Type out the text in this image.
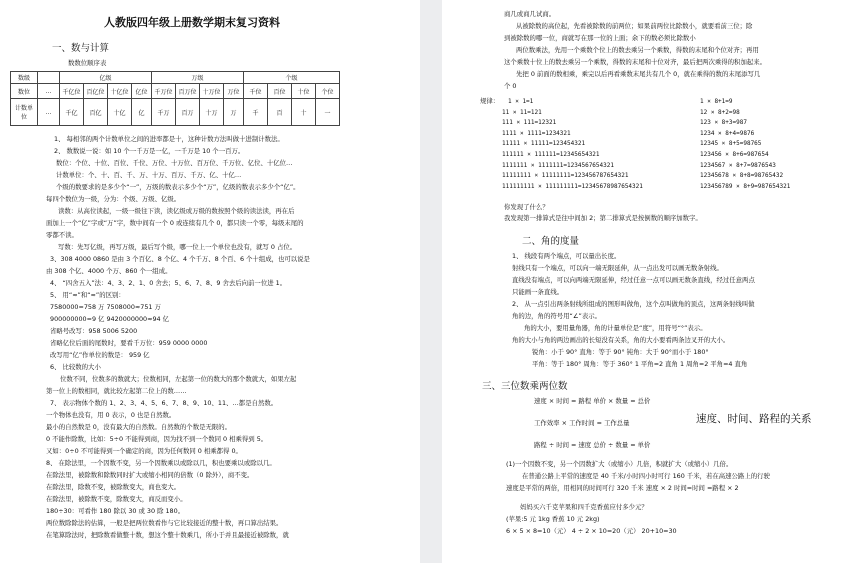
人教版四年级上册数学期末复习资料
一、数与计算
数数位顺序表
数级		亿级				万级				个级			
数位	…	千亿位	百亿位	十亿位	亿位	千万位	百万位	十万位	万位	千位	百位	十位	个位
计数单位	…	千亿	百亿	十亿	亿	千万	百万	十万	万	千	百	十	一
1、 每相邻的两个计数单位之间的进率都是十，这种计数方法叫做十进制计数法。
2、 数数说一说：如 10 个一千万是一亿，一千万是 10 个一百万。
数位：个位、十位、百位、千位、万位、十万位、百万位、千万位、亿位、十亿位…
计数单位：个、十、百、千、万、十万、百万、千万、亿、十亿…
个级的数要求的是多少个“一”，万级的数表示多少个“万”，亿级的数表示多少个“亿”。
每四个数位为一级，分为：个级、万级、亿级。
读数：从高位读起，一级一级往下读，读亿级或万级的数按照个级的读法读，再在后
面加上一个“亿”字或“万”字，数中间有一个 0 或连续有几个 0，都只读一个零，每级末尾的
零都不读。
写数：先写亿级，再写万级，最后写个级，哪一位上一个单位也没有，就写 0 占位。
3、308 4000 0860 是由 3 个百亿、8 个亿、4 个千万、8 个百、6 个十组成，也可以说是
由 308 个亿、4000 个万、860 个一组成。
4、 “四舍五入”法：4、3、2、1、0 舍去；5、6、7、8、9 舍去后向前一位进 1。
5、 用“≈”和“≈”的区别：
7580000=758 万 7508000≈751 万
900000000=9 亿 9420000000≈94 亿
省略号改写：958 5006 5200
省略亿位后面的尾数时，要看千万位：959 0000 0000
改写用“亿”作单位的数是： 959 亿
6、 比较数的大小
位数不同，位数多的数就大；位数相同，左起第一位的数大的那个数就大，如果左起
第一位上的数相同，就比较左起第二位上的数……
7、 表示物体个数的 1、2、3、4、5、6、7、8、9、10、11、…都是自然数。
一个物体也没有，用 0 表示，0 也是自然数。
最小的自然数是 0，没有最大的自然数。自然数的个数是无限的。
0 不能作除数，比如：5÷0 不能得到商，因为找不到一个数同 0 相乘得到 5。
又如：0÷0 不可能得到一个确定的商，因为任何数同 0 相乘都得 0。
8、 在除法里，一个因数不变，另一个因数乘以或除以几，积也要乘以或除以几。
在除法里，被除数和除数同时扩大或缩小相同的倍数（0 除外），商不变。
在除法里，除数不变，被除数变大，商也变大。
在除法里，被除数不变，除数变大，商反而变小。
180÷30：可看作 180 除以 30 或 30 除 180。
两位数除除法的估算，一般是把两位数看作与它比较接近的整十数，再口算出结果。
在笔算除法时，把除数看做整十数，想这个整十数乘几，所小于并且最接近被除数，就
商几或商几试商。
从被除数的高位起，先看被除数的前两位；如果前两位比除数小，就要看前三位；除
到被除数的哪一位，商就写在那一位的上面；余下的数必须比除数小
两位数乘法，先用一个乘数个位上的数去乘另一个乘数，得数的末尾和个位对齐；再用
这个乘数十位上的数去乘另一个乘数，得数的末尾和十位对齐，最后把两次乘得的积加起来。
先把 0 前面的数相乘，乘完以后再看乘数末尾共有几个 0，就在乘得的数的末尾添写几
个 0
规律： 1 × 1=1
11 × 11=121
111 × 111=12321
1111 × 1111=1234321
11111 × 11111=123454321
111111 × 111111=12345654321
1111111 × 1111111=1234567654321
11111111 × 11111111=123456787654321
111111111 × 111111111=12345678987654321
1 × 8+1=9
12 × 8+2=98
123 × 8+3=987
1234 × 8+4=9876
12345 × 8+5=98765
123456 × 8+6=987654
1234567 × 8+7=9876543
12345678 × 8+8=98765432
123456789 × 8+9=987654321
你发现了什么？
我发现第一排算式是往中间加 2；第二排算式是按倒数的顺序加数字。
二、角的度量
1、 线段有两个端点，可以量出长度。
射线只有一个端点，可以向一端无限延伸，从一点出发可以画无数条射线。
直线没有端点，可以向两端无限延伸，经过任意一点可以画无数条直线，经过任意两点
只能画一条直线。
2、 从一点引出两条射线所组成的图形叫做角，这个点叫做角的顶点，这两条射线叫做
角的边，角的符号用“∠”表示。
角的大小，要用量角器，角的计量单位是“度”，用符号“°”表示。
角的大小与角的两边画出的长短没有关系，角的大小要看两条边叉开的大小。
锐角：小于 90° 直角：等于 90° 钝角：大于 90°而小于 180°
平角：等于 180° 周角：等于 360° 1 平角=2 直角 1 周角=2 平角=4 直角
三、三位数乘两位数
速度 × 时间 = 路程 单价 × 数量 = 总价
工作效率 × 工作时间 = 工作总量
路程 ÷ 时间 = 速度 总价 ÷ 数量 = 单价
速度、时间、路程的关系
(1)一个因数不变，另一个因数扩大（或缩小）几倍，积就扩大（或缩小）几倍。
在普通公路上平常的速度是 40 千米/小时四小时可行 160 千米，若在高速公路上的行驶
速度是平常的两倍，用相同的时间可行 320 千米 速度 × 2 时间=时间 =路程 × 2
妈妈买六千克苹果和四千克香蕉应付多少元？
(苹果:5 元 1kg 香蕉 10 元 2kg)
6 × 5 × 8=10（元） 4 ÷ 2 × 10=20（元） 20+10=30
